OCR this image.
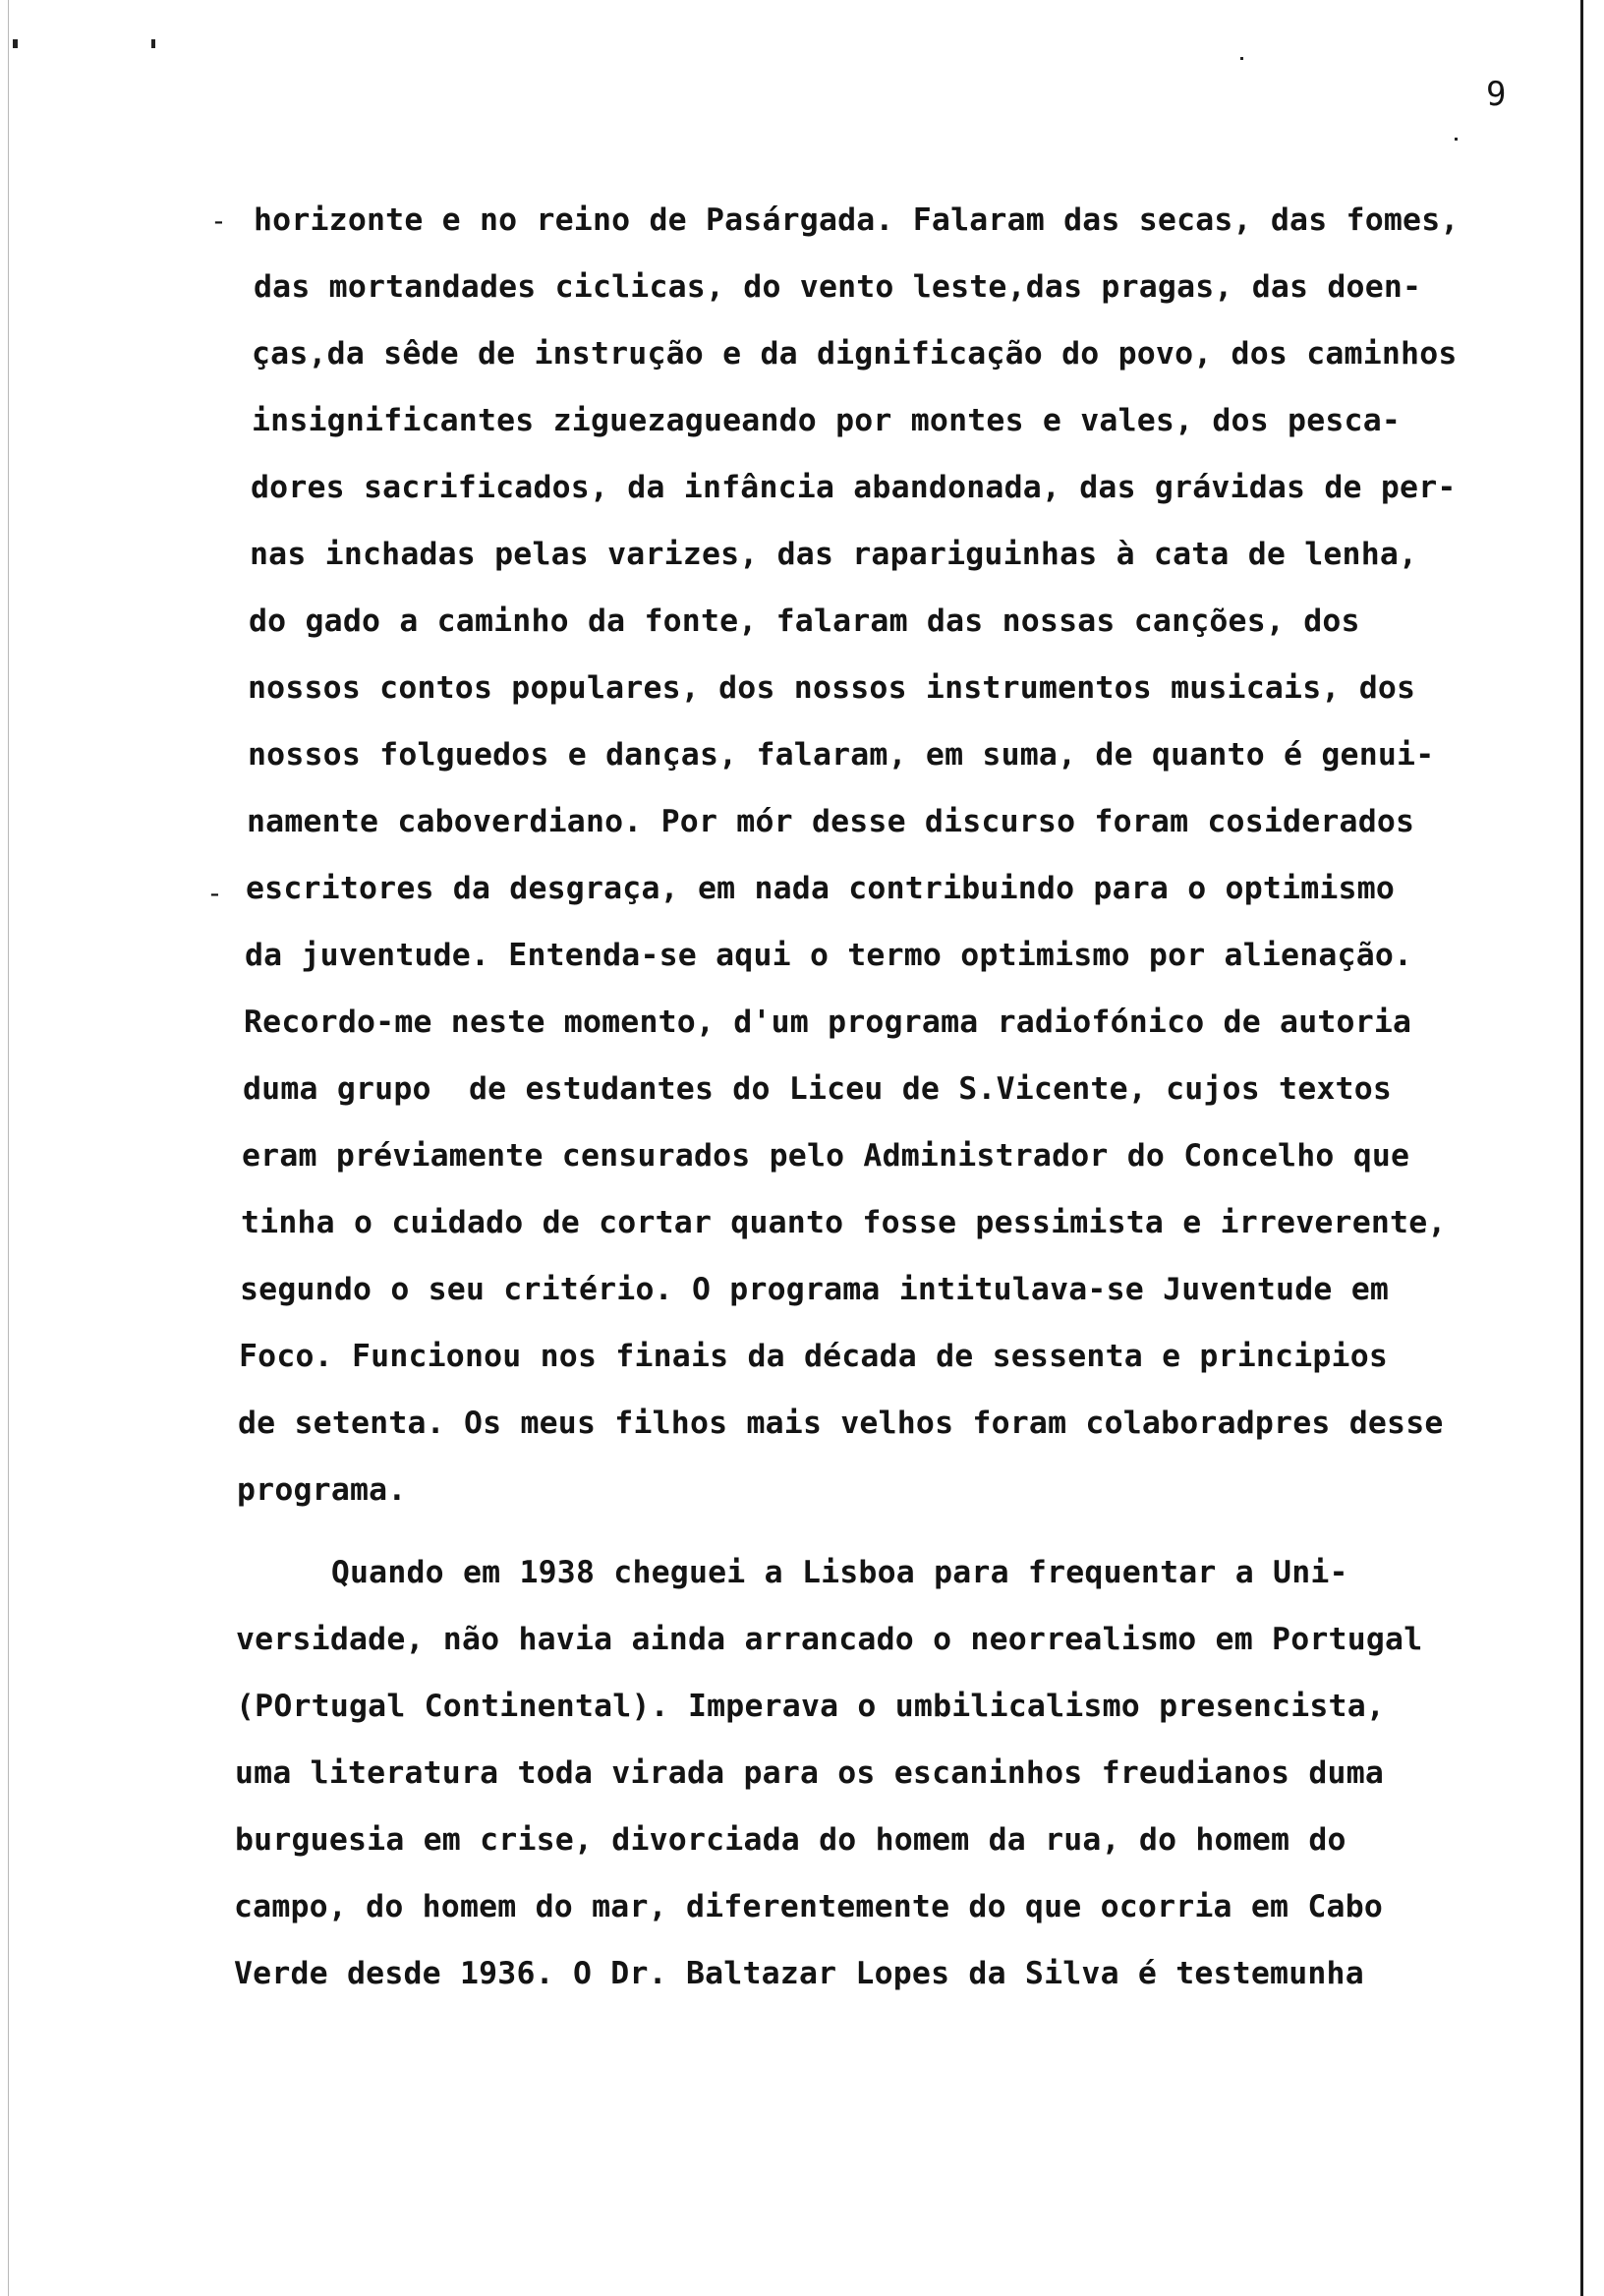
-
-
9
horizonte e no reino de Pasárgada. Falaram das secas, das fomes,
das mortandades ciclicas, do vento leste,das pragas, das doen-
ças,da sêde de instrução e da dignificação do povo, dos caminhos
insignificantes ziguezagueando por montes e vales, dos pesca-
dores sacrificados, da infância abandonada, das grávidas de per-
nas inchadas pelas varizes, das rapariguinhas à cata de lenha,
do gado a caminho da fonte, falaram das nossas canções, dos
nossos contos populares, dos nossos instrumentos musicais, dos
nossos folguedos e danças, falaram, em suma, de quanto é genui-
namente caboverdiano. Por mór desse discurso foram cosiderados
escritores da desgraça, em nada contribuindo para o optimismo
da juventude. Entenda-se aqui o termo optimismo por alienação.
Recordo-me neste momento, d'um programa radiofónico de autoria
duma grupo  de estudantes do Liceu de S.Vicente, cujos textos
eram préviamente censurados pelo Administrador do Concelho que
tinha o cuidado de cortar quanto fosse pessimista e irreverente,
segundo o seu critério. O programa intitulava-se Juventude em
Foco. Funcionou nos finais da década de sessenta e principios
de setenta. Os meus filhos mais velhos foram colaboradpres desse
programa.
Quando em 1938 cheguei a Lisboa para frequentar a Uni-
versidade, não havia ainda arrancado o neorrealismo em Portugal
(POrtugal Continental). Imperava o umbilicalismo presencista,
uma literatura toda virada para os escaninhos freudianos duma
burguesia em crise, divorciada do homem da rua, do homem do
campo, do homem do mar, diferentemente do que ocorria em Cabo
Verde desde 1936. O Dr. Baltazar Lopes da Silva é testemunha
